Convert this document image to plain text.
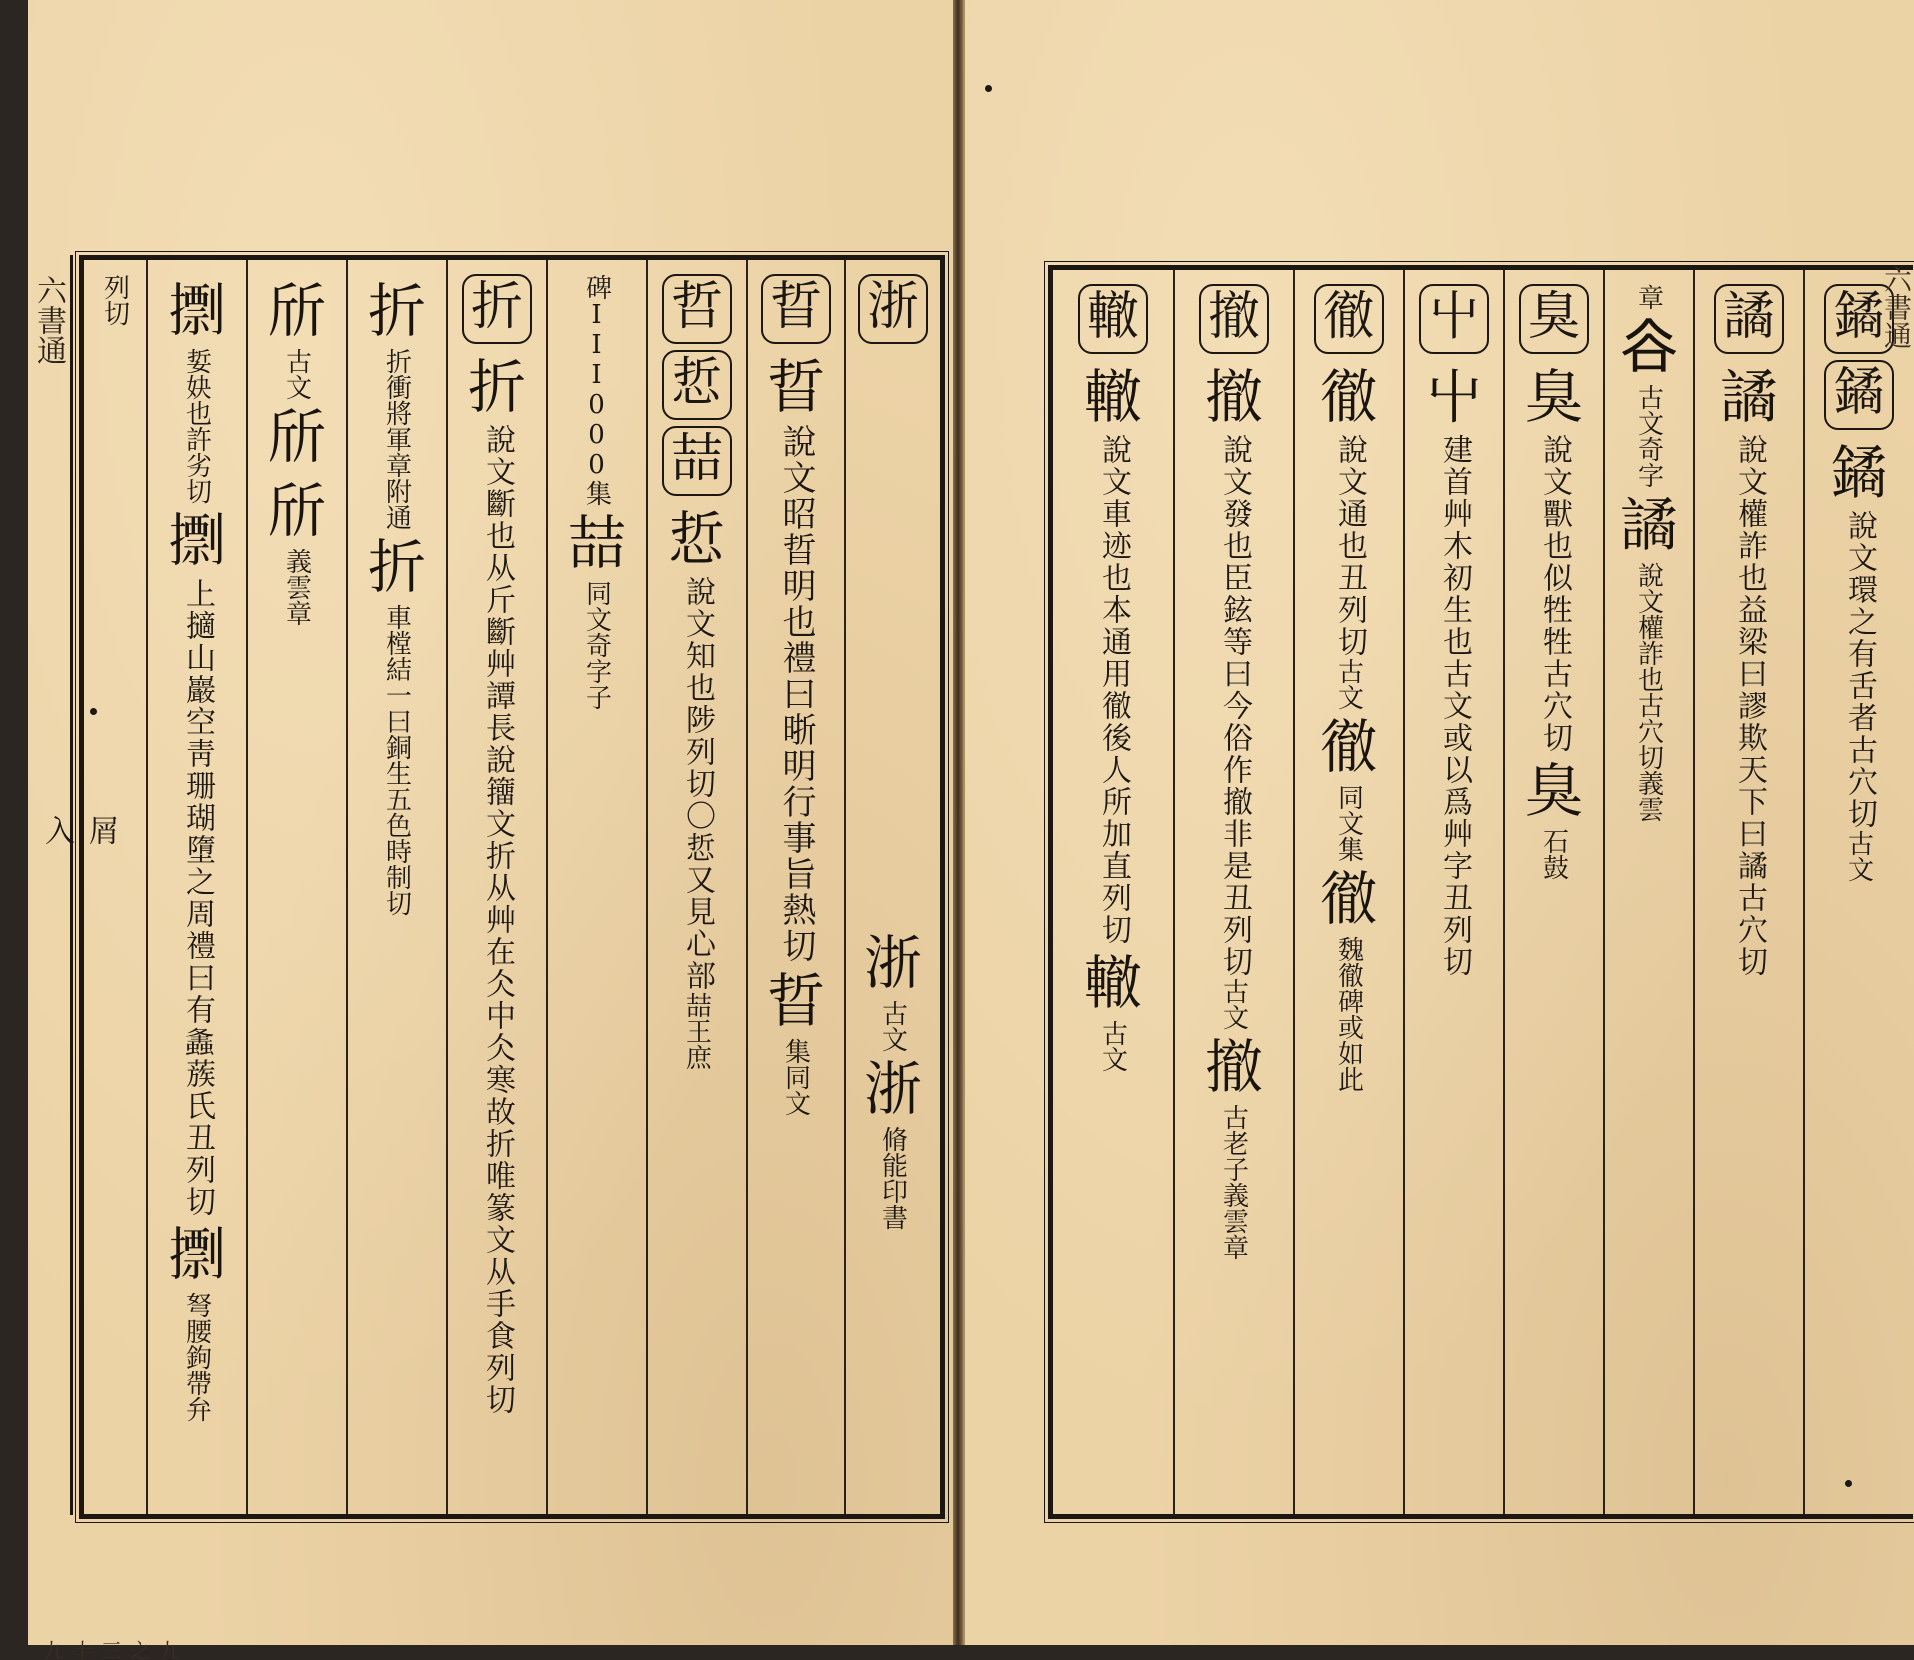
六書通
屑
入
九之三十九
浙
浙
古文
浙
脩能印書
晢
晢
說文昭晢明也禮曰晣明行事旨熱切
晢
集同文
哲
悊
喆
悊
說文知也陟列切〇悊又見心部
喆王庶
碑III000集
喆
同文
奇字
子
折
折
說文斷也从斤斷艸譚長說籒文折从艸在仌中仌寒故折唯篆文从手食列切
折
折衝將軍章
附通
折
車樘結一曰銅生五色時制切
斦
古文
斦
斦
義雲章
𢶏
娎妜也許劣切
𢶏
上擿山巖空靑珊瑚墮之周禮曰有𧒒蔟氏丑列切
𢶏
弩腰鉤帶弁
列切	鐍
鐍
鐍
說文環之有舌者古穴切
古文
譎
譎
說文權詐也益梁曰謬欺天下曰譎古穴切
章
𧮫
古文奇字
譎
說文權詐也古穴切
義雲
臭
臭
說文獸也似牲牲古穴切
臭
石鼓
屮
屮
建首艸木初生也古文或以爲艸字丑列切
徹
徹
說文通也丑列切
古文
徹
同文集
徹
魏徹碑
或如此
撤
撤
說文發也臣鉉等曰今俗作撤非是丑列切
古文
撤
古老子
義雲章
轍
轍
說文車迹也本通用徹後人所加直列切
轍
古文
六書通
